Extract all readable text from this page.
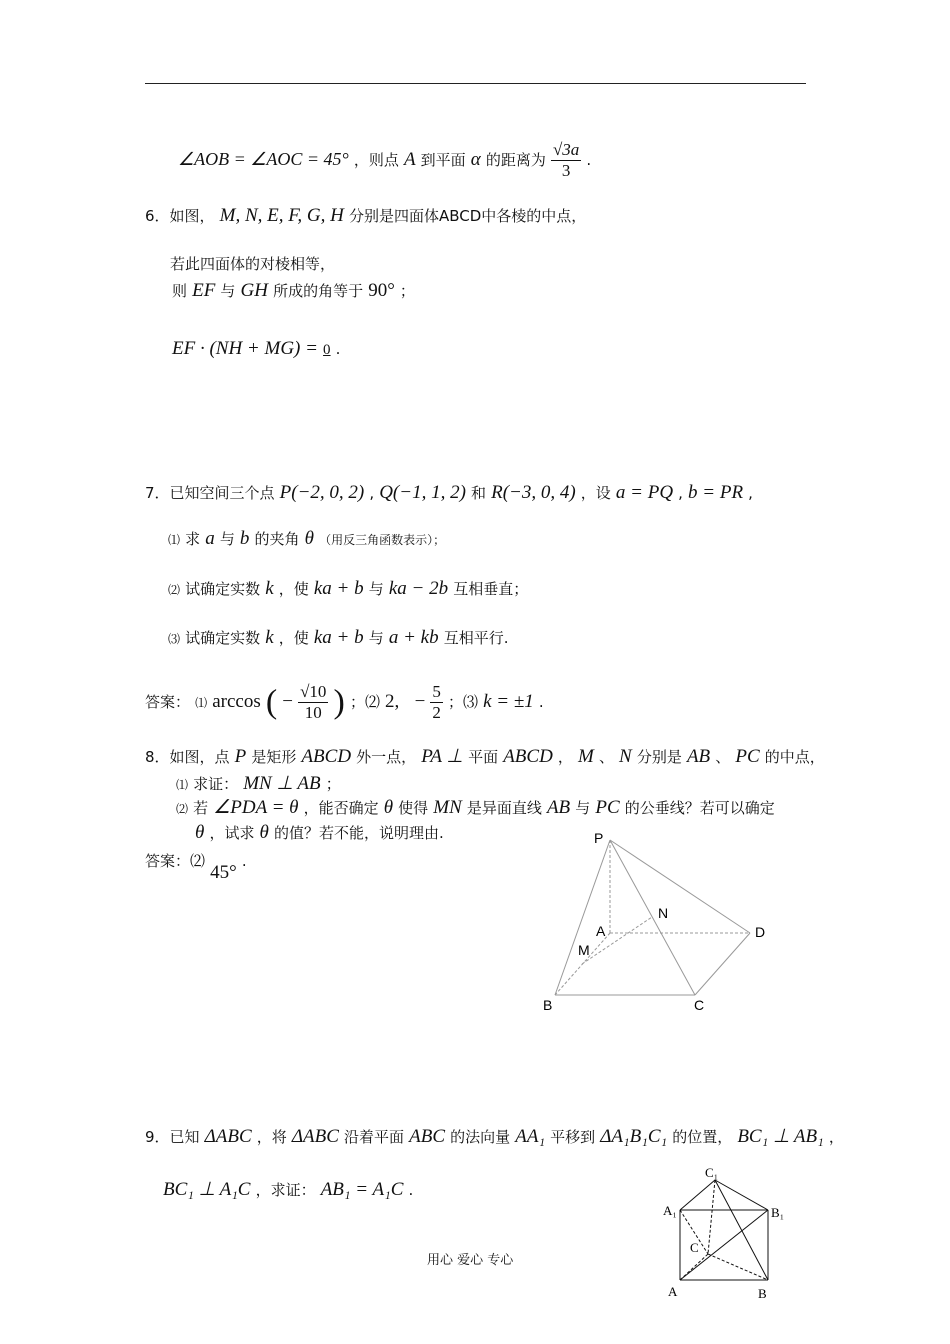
∠AOB = ∠AOC = 45° ，则点 A 到平面 α 的距离为 $\frac{√3a}{3}$ .
6．如图， M, N, E, F, G, H 分别是四面体ABCD中各棱的中点，
若此四面体的对棱相等，
则 EF 与 GH 所成的角等于 90° ；
EF · (NH + MG) = 0 .
7．已知空间三个点 P(−2, 0, 2) , Q(−1, 1, 2) 和 R(−3, 0, 4) ，设 a = PQ , b = PR ,
⑴ 求 a 与 b 的夹角 θ （用反三角函数表示）；
⑵ 试确定实数 k ，使 ka + b 与 ka − 2b 互相垂直；
⑶ 试确定实数 k ，使 ka + b 与 a + kb 互相平行.
答案： ⑴ arccos ( − $\frac{√10}{10}$ ) ；⑵ 2, − $\frac{5}{2}$ ；⑶ k = ±1 .
8．如图，点 P 是矩形 ABCD 外一点， PA ⊥ 平面 ABCD ， M 、 N 分别是 AB 、 PC 的中点，
⑴ 求证： MN ⊥ AB ；
⑵ 若 ∠PDA = θ ，能否确定 θ 使得 MN 是异面直线 AB 与 PC 的公垂线？若可以确定
θ ，试求 θ 的值？若不能，说明理由.
答案：⑵ 45° .
P
A
N
D
M
B	C
9．已知 ΔABC ，将 ΔABC 沿着平面 ABC 的法向量 AA₁ 平移到 ΔA₁B₁C₁ 的位置， BC₁ ⊥ AB₁ ，
BC₁ ⊥ A₁C ，求证： AB₁ = A₁C .
C₁
A₁	B₁
C
A	B
用心 爱心 专心
